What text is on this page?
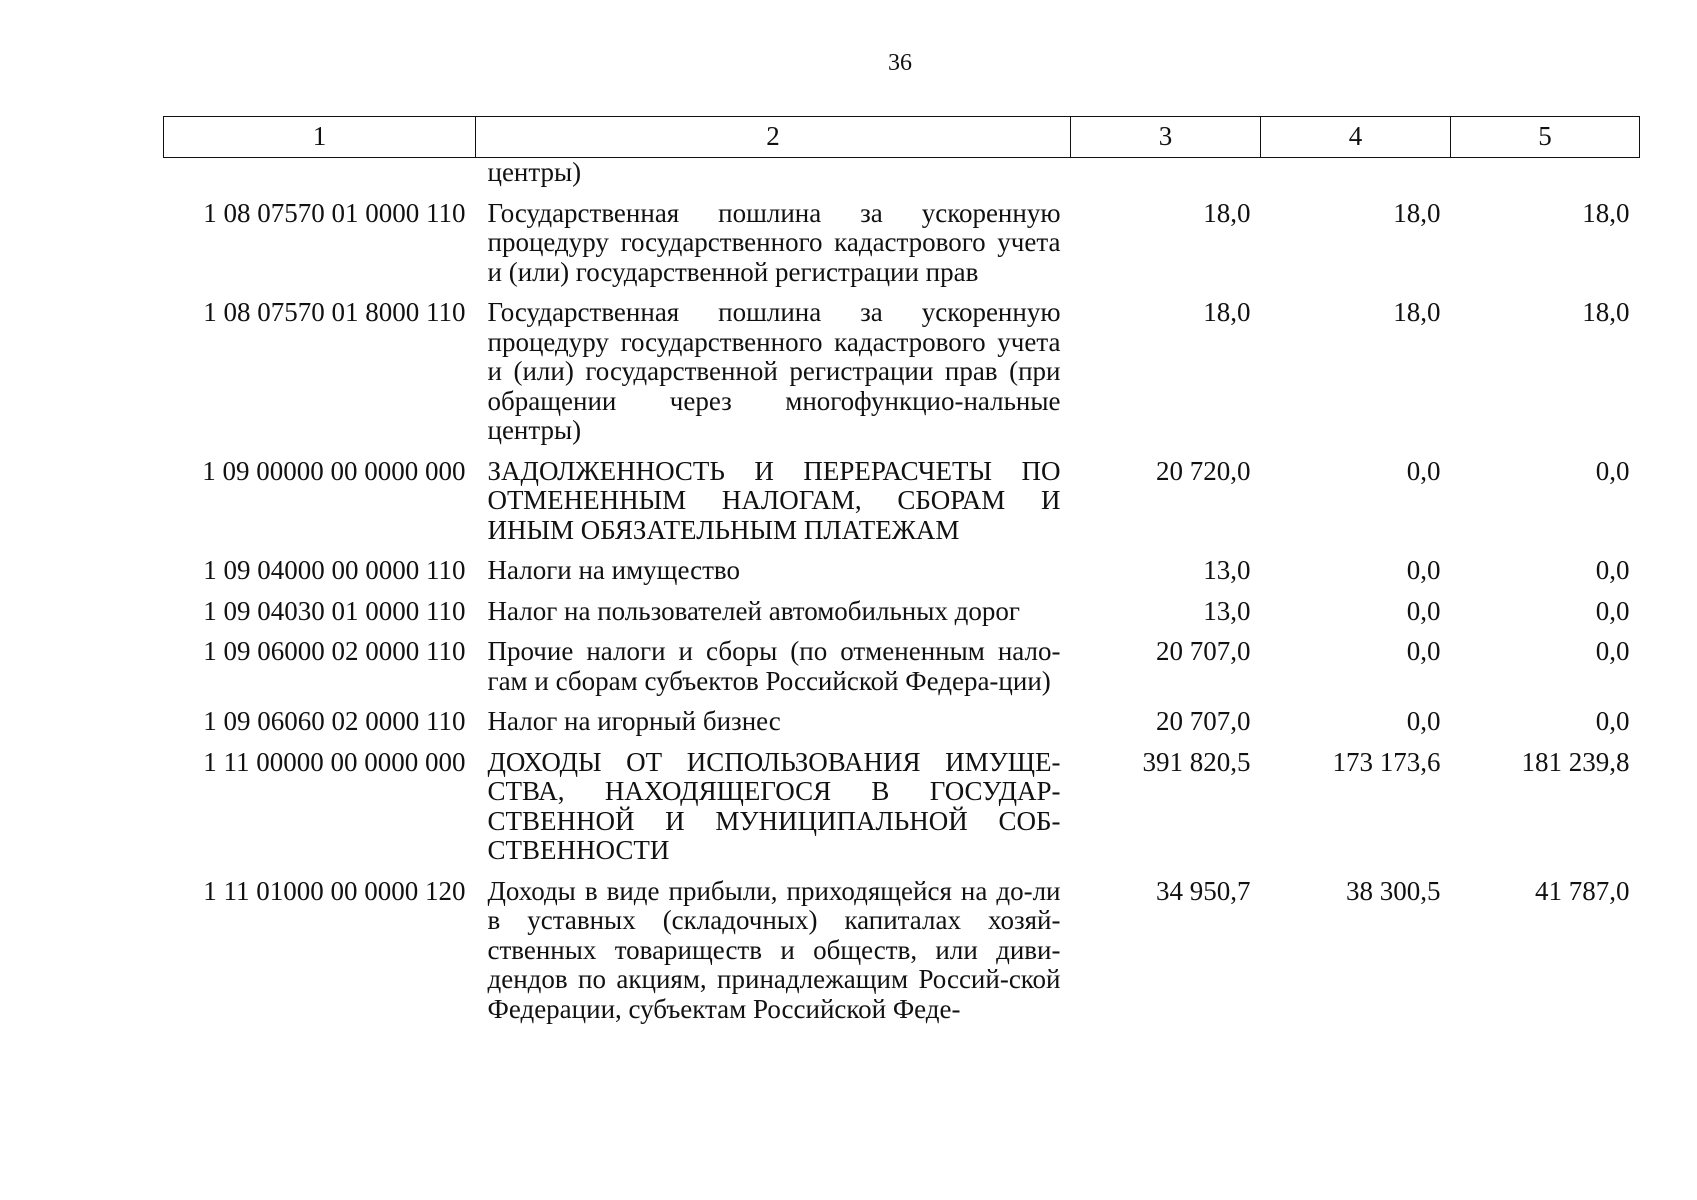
36
1	2	3	4	5
	центры)			
1 08 07570 01 0000 110	Государственная пошлина за ускоренную процедуру государственного кадастрового учета и (или) государственной регистрации прав	18,0	18,0	18,0
1 08 07570 01 8000 110	Государственная пошлина за ускоренную процедуру государственного кадастрового учета и (или) государственной регистрации прав (при обращении через многофункцио-нальные центры)	18,0	18,0	18,0
1 09 00000 00 0000 000	ЗАДОЛЖЕННОСТЬ И ПЕРЕРАСЧЕТЫ ПО ОТМЕНЕННЫМ НАЛОГАМ, СБОРАМ И ИНЫМ ОБЯЗАТЕЛЬНЫМ ПЛАТЕЖАМ	20 720,0	0,0	0,0
1 09 04000 00 0000 110	Налоги на имущество	13,0	0,0	0,0
1 09 04030 01 0000 110	Налог на пользователей автомобильных дорог	13,0	0,0	0,0
1 09 06000 02 0000 110	Прочие налоги и сборы (по отмененным нало-гам и сборам субъектов Российской Федера-ции)	20 707,0	0,0	0,0
1 09 06060 02 0000 110	Налог на игорный бизнес	20 707,0	0,0	0,0
1 11 00000 00 0000 000	ДОХОДЫ ОТ ИСПОЛЬЗОВАНИЯ ИМУЩЕ-СТВА, НАХОДЯЩЕГОСЯ В ГОСУДАР-СТВЕННОЙ И МУНИЦИПАЛЬНОЙ СОБ-СТВЕННОСТИ	391 820,5	173 173,6	181 239,8
1 11 01000 00 0000 120	Доходы в виде прибыли, приходящейся на до-ли в уставных (складочных) капиталах хозяй-ственных товариществ и обществ, или диви-дендов по акциям, принадлежащим Россий-ской Федерации, субъектам Российской Феде-	34 950,7	38 300,5	41 787,0
